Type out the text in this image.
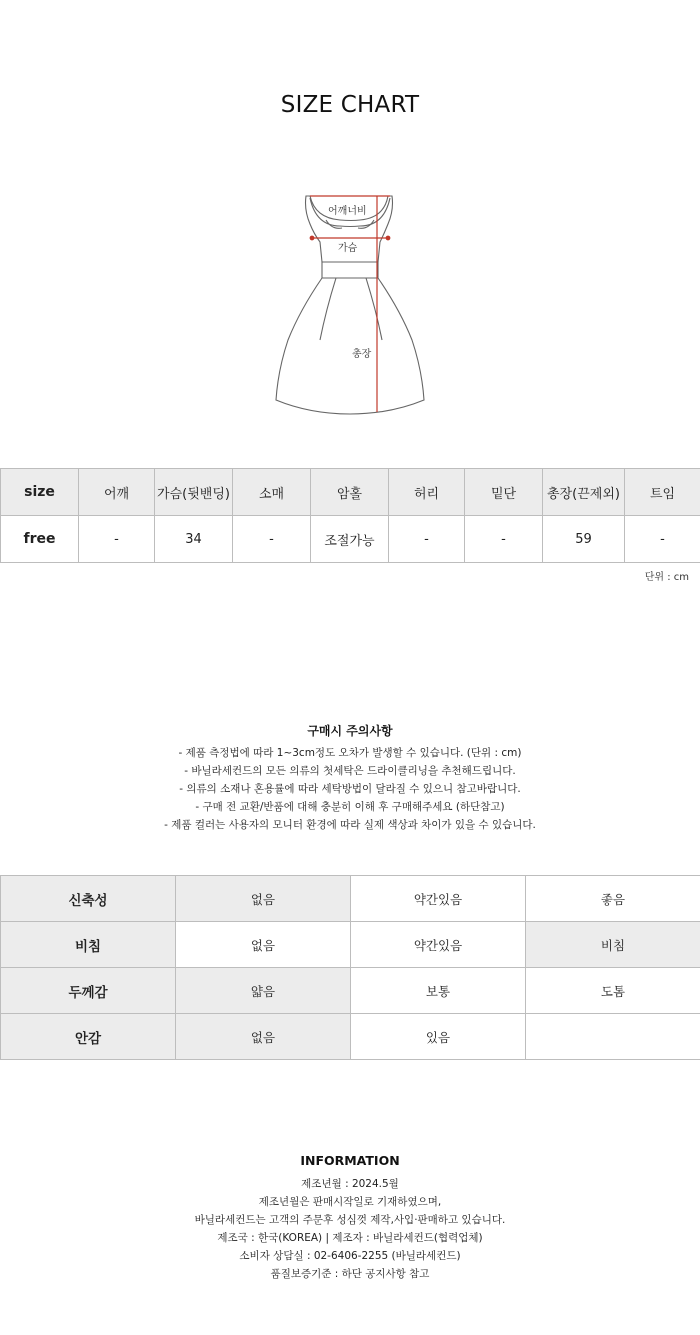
SIZE CHART
어깨너비
가슴
총장
size	어깨	가슴(뒷밴딩)	소매	암홀	허리	밑단	총장(끈제외)	트임
free	-	34	-	조절가능	-	-	59	-
단위 : cm
구매시 주의사항
- 제품 측정법에 따라 1~3cm정도 오차가 발생할 수 있습니다. (단위 : cm)
- 바닐라세컨드의 모든 의류의 첫세탁은 드라이클리닝을 추천해드립니다.
- 의류의 소재나 혼용률에 따라 세탁방법이 달라질 수 있으니 참고바랍니다.
- 구매 전 교환/반품에 대해 충분히 이해 후 구매해주세요 (하단참고)
- 제품 컬러는 사용자의 모니터 환경에 따라 실제 색상과 차이가 있을 수 있습니다.
신축성	없음	약간있음	좋음
비침	없음	약간있음	비침
두께감	얇음	보통	도톰
안감	없음	있음	
INFORMATION
제조년월 : 2024.5월
제조년월은 판매시작일로 기재하였으며,
바닐라세컨드는 고객의 주문후 성심껏 제작,사입·판매하고 있습니다.
제조국 : 한국(KOREA) | 제조자 : 바닐라세컨드(협력업체)
소비자 상담실 : 02-6406-2255 (바닐라세컨드)
품질보증기준 : 하단 공지사항 참고
